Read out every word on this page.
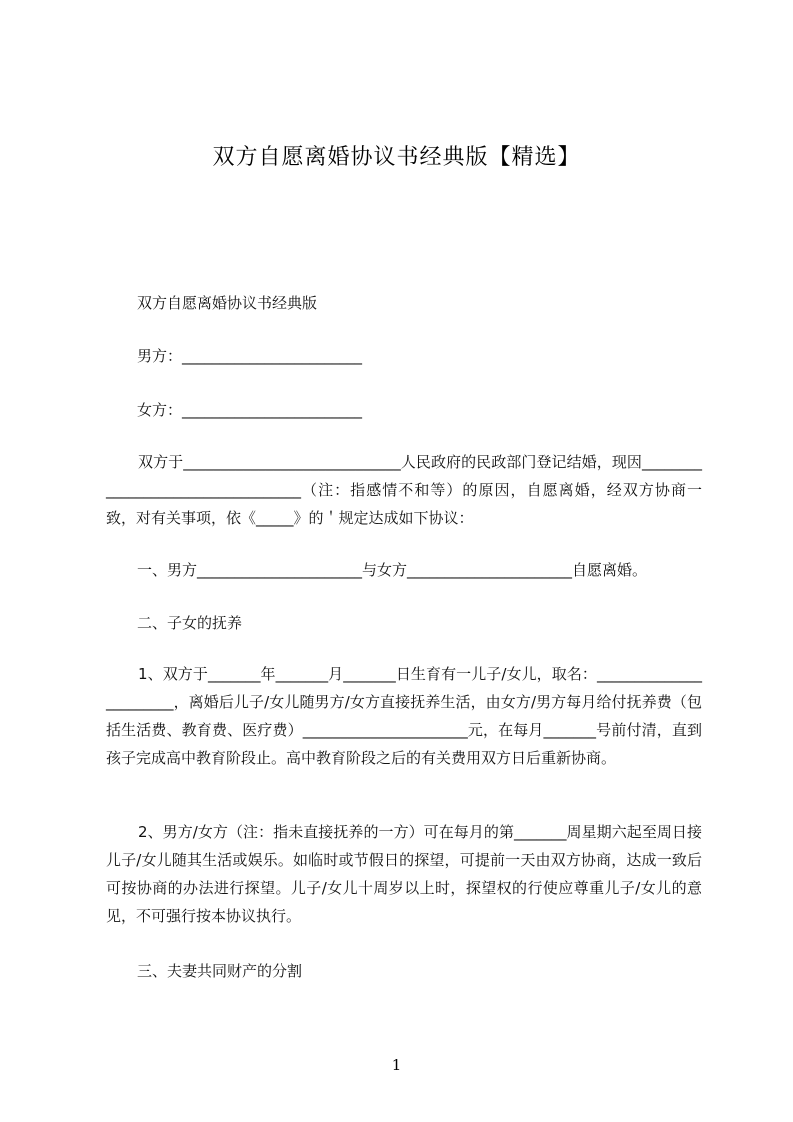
双方自愿离婚协议书经典版【精选】
双方自愿离婚协议书经典版
男方：________________________
女方：________________________

双方于_____________________________人民政府的民政部门登记结婚，现因__________________________________（注：指感情不和等）的原因，自愿离婚，经双方协商一致，对有关事项，依《_____》的＇规定达成如下协议：

一、男方______________________与女方______________________自愿离婚。
二、子女的抚养

1、双方于_______年_______月_______日生育有一儿子/女儿，取名：_______________________，离婚后儿子/女儿随男方/女方直接抚养生活，由女方/男方每月给付抚养费（包括生活费、教育费、医疗费）______________________元，在每月_______号前付清，直到孩子完成高中教育阶段止。高中教育阶段之后的有关费用双方日后重新协商。

2、男方/女方（注：指未直接抚养的一方）可在每月的第_______周星期六起至周日接儿子/女儿随其生活或娱乐。如临时或节假日的探望，可提前一天由双方协商，达成一致后可按协商的办法进行探望。儿子/女儿十周岁以上时，探望权的行使应尊重儿子/女儿的意见，不可强行按本协议执行。

三、夫妻共同财产的分割
1
